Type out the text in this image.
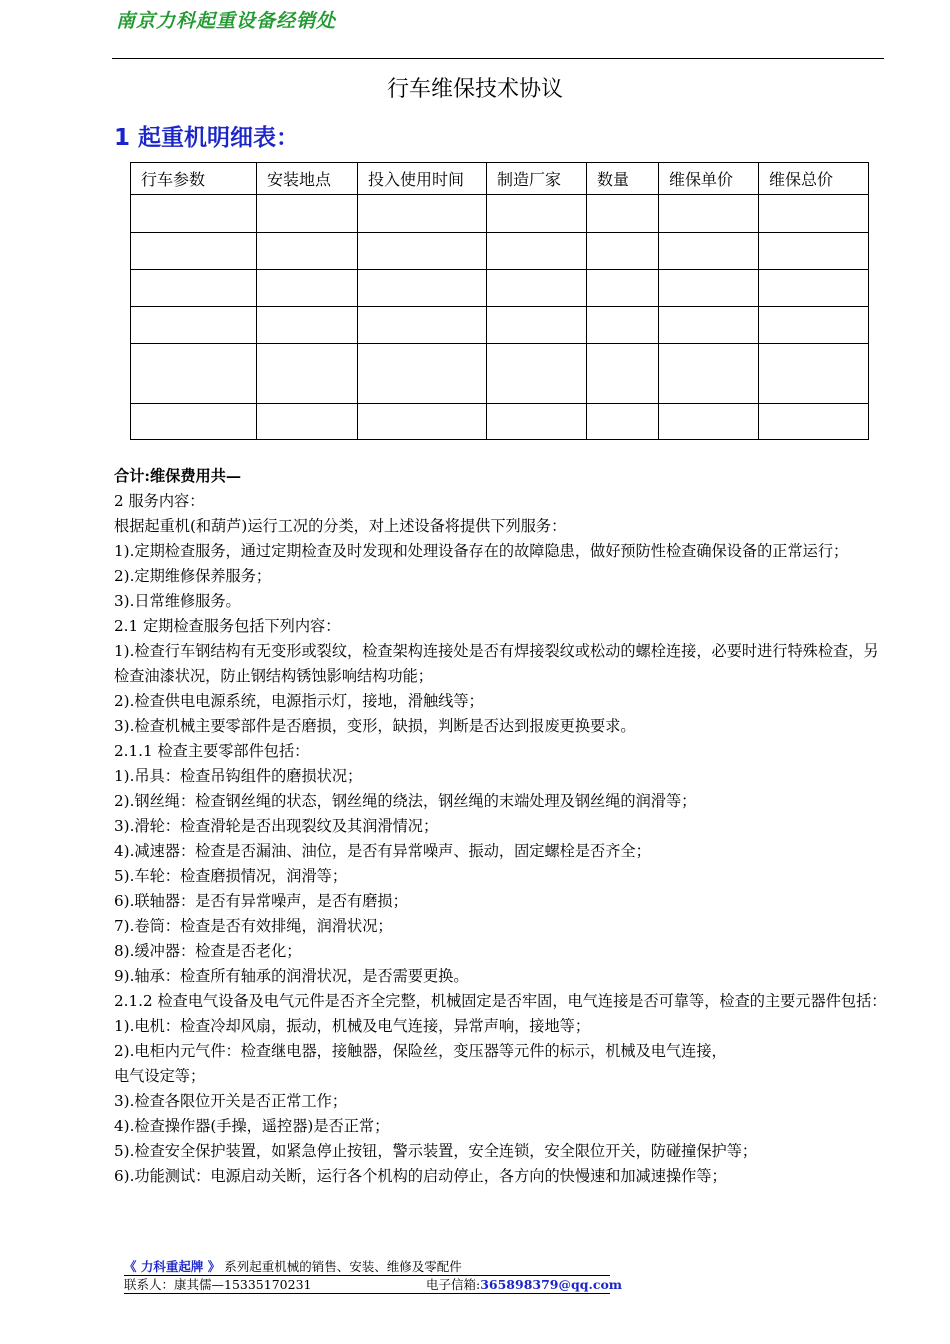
南京力科起重设备经销处
行车维保技术协议
1 起重机明细表：
行车参数	安装地点	投入使用时间	制造厂家	数量	维保单价	维保总价

合计:维保费用共—

2 服务内容：

根据起重机(和葫芦)运行工况的分类，对上述设备将提供下列服务：

1).定期检查服务，通过定期检查及时发现和处理设备存在的故障隐患，做好预防性检查确保设备的正常运行；

2).定期维修保养服务；

3).日常维修服务。

2.1 定期检查服务包括下列内容：

1).检查行车钢结构有无变形或裂纹，检查架构连接处是否有焊接裂纹或松动的螺栓连接，必要时进行特殊检查，另检查油漆状况，防止钢结构锈蚀影响结构功能；

2).检查供电电源系统，电源指示灯，接地，滑触线等；

3).检查机械主要零部件是否磨损，变形，缺损，判断是否达到报废更换要求。

2.1.1 检查主要零部件包括：

1).吊具：检查吊钩组件的磨损状况；

2).钢丝绳：检查钢丝绳的状态，钢丝绳的绕法，钢丝绳的末端处理及钢丝绳的润滑等；

3).滑轮：检查滑轮是否出现裂纹及其润滑情况；

4).减速器：检查是否漏油、油位，是否有异常噪声、振动，固定螺栓是否齐全；

5).车轮：检查磨损情况，润滑等；

6).联轴器：是否有异常噪声，是否有磨损；

7).卷筒：检查是否有效排绳，润滑状况；

8).缓冲器：检查是否老化；

9).轴承：检查所有轴承的润滑状况，是否需要更换。

2.1.2 检查电气设备及电气元件是否齐全完整，机械固定是否牢固，电气连接是否可靠等，检查的主要元器件包括：

1).电机：检查冷却风扇，振动，机械及电气连接，异常声响，接地等；

2).电柜内元气件：检查继电器，接触器，保险丝，变压器等元件的标示，机械及电气连接，

电气设定等；

3).检查各限位开关是否正常工作；

4).检查操作器(手操，遥控器)是否正常；

5).检查安全保护装置，如紧急停止按钮，警示装置，安全连锁，安全限位开关，防碰撞保护等；

6).功能测试：电源启动关断，运行各个机构的启动停止，各方向的快慢速和加减速操作等；

《 力科重起牌 》 系列起重机械的销售、安装、维修及零配件
联系人：康其儒—15335170231	电子信箱:365898379@qq.com
